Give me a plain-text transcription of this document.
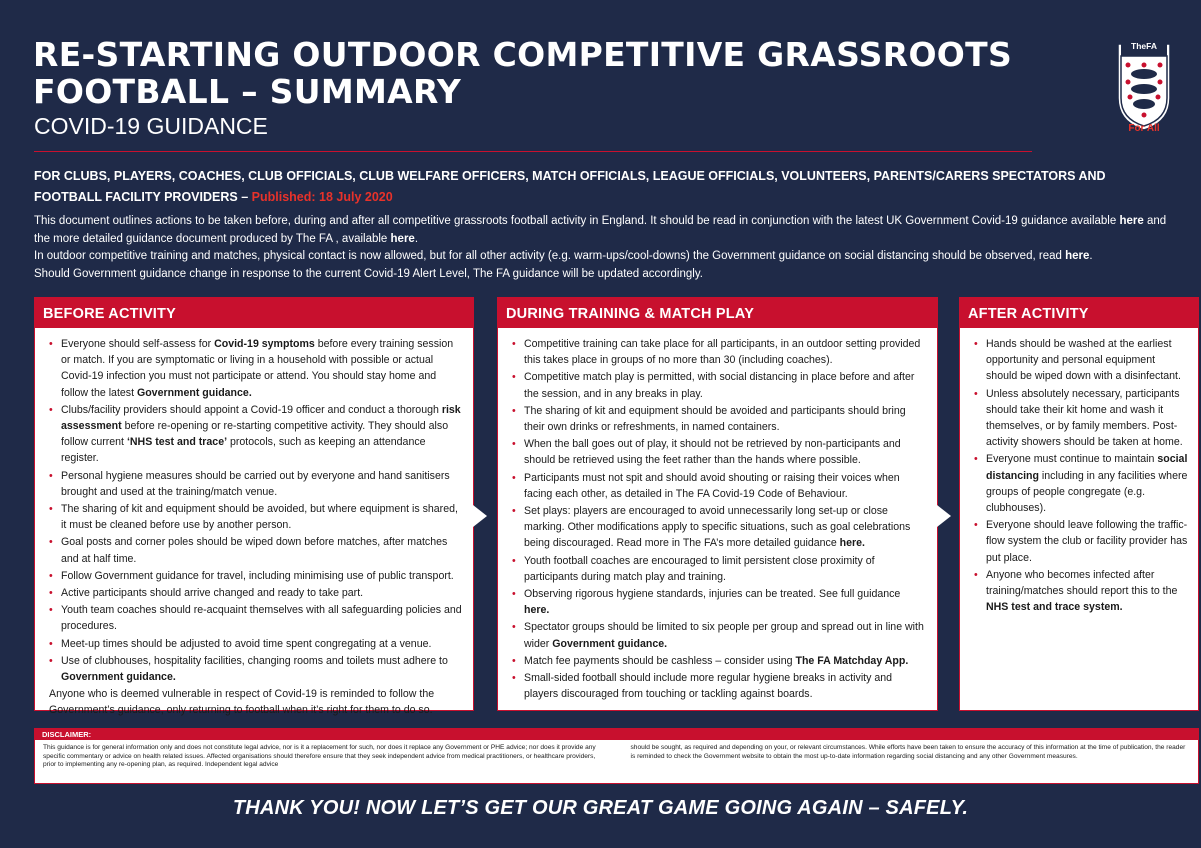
RE-STARTING OUTDOOR COMPETITIVE GRASSROOTS FOOTBALL – SUMMARY
COVID-19 GUIDANCE
TheFA
For All
FOR CLUBS, PLAYERS, COACHES, CLUB OFFICIALS, CLUB WELFARE OFFICERS, MATCH OFFICIALS, LEAGUE OFFICIALS, VOLUNTEERS, PARENTS/CARERS SPECTATORS AND FOOTBALL FACILITY PROVIDERS – Published: 18 July 2020

This document outlines actions to be taken before, during and after all competitive grassroots football activity in England. It should be read in conjunction with the latest UK Government Covid-19 guidance available here and the more detailed guidance document produced by The FA , available here.

In outdoor competitive training and matches, physical contact is now allowed, but for all other activity (e.g. warm-ups/cool-downs) the Government guidance on social distancing should be observed, read here.

Should Government guidance change in response to the current Covid-19 Alert Level, The FA guidance will be updated accordingly.

BEFORE ACTIVITY
• Everyone should self-assess for Covid-19 symptoms before every training session or match. If you are symptomatic or living in a household with possible or actual Covid-19 infection you must not participate or attend. You should stay home and follow the latest Government guidance.
• Clubs/facility providers should appoint a Covid-19 officer and conduct a thorough risk assessment before re-opening or re-starting competitive activity. They should also follow current ‘NHS test and trace’ protocols, such as keeping an attendance register.
• Personal hygiene measures should be carried out by everyone and hand sanitisers brought and used at the training/match venue.
• The sharing of kit and equipment should be avoided, but where equipment is shared, it must be cleaned before use by another person.
• Goal posts and corner poles should be wiped down before matches, after matches and at half time.
• Follow Government guidance for travel, including minimising use of public transport.
• Active participants should arrive changed and ready to take part.
• Youth team coaches should re-acquaint themselves with all safeguarding policies and procedures.
• Meet-up times should be adjusted to avoid time spent congregating at a venue.
• Use of clubhouses, hospitality facilities, changing rooms and toilets must adhere to
Government guidance.
Anyone who is deemed vulnerable in respect of Covid-19 is reminded to follow the Government’s guidance, only returning to football when it’s right for them to do so.
DURING TRAINING & MATCH PLAY
• Competitive training can take place for all participants, in an outdoor setting provided this takes place in groups of no more than 30 (including coaches).
• Competitive match play is permitted, with social distancing in place before and after the session, and in any breaks in play.
• The sharing of kit and equipment should be avoided and participants should bring their own drinks or refreshments, in named containers.
• When the ball goes out of play, it should not be retrieved by non-participants and should be retrieved using the feet rather than the hands where possible.
• Participants must not spit and should avoid shouting or raising their voices when facing each other, as detailed in The FA Covid-19 Code of Behaviour.
• Set plays: players are encouraged to avoid unnecessarily long set-up or close marking. Other modifications apply to specific situations, such as goal celebrations being discouraged. Read more in The FA’s more detailed guidance here.
• Youth football coaches are encouraged to limit persistent close proximity of participants during match play and training.
• Observing rigorous hygiene standards, injuries can be treated. See full guidance here.
• Spectator groups should be limited to six people per group and spread out in line with wider Government guidance.
• Match fee payments should be cashless – consider using The FA Matchday App.
• Small-sided football should include more regular hygiene breaks in activity and players discouraged from touching or tackling against boards.
AFTER ACTIVITY
• Hands should be washed at the earliest opportunity and personal equipment should be wiped down with a disinfectant.
• Unless absolutely necessary, participants should take their kit home and wash it themselves, or by family members. Post-activity showers should be taken at home.
• Everyone must continue to maintain social distancing including in any facilities where groups of people congregate (e.g. clubhouses).
• Everyone should leave following the traffic-flow system the club or facility provider has put place.
• Anyone who becomes infected after training/matches should report this to the NHS test and trace system.
DISCLAIMER:
This guidance is for general information only and does not constitute legal advice, nor is it a replacement for such, nor does it replace any Government or PHE advice; nor does it provide any specific commentary or advice on health related issues. Affected organisations should therefore ensure that they seek independent advice from medical practitioners, or healthcare providers, prior to implementing any re-opening plan, as required. Independent legal advice
should be sought, as required and depending on your, or relevant circumstances. While efforts have been taken to ensure the accuracy of this information at the time of publication, the reader is reminded to check the Government website to obtain the most up-to-date information regarding social distancing and any other Government measures.
THANK YOU! NOW LET’S GET OUR GREAT GAME GOING AGAIN – SAFELY.
